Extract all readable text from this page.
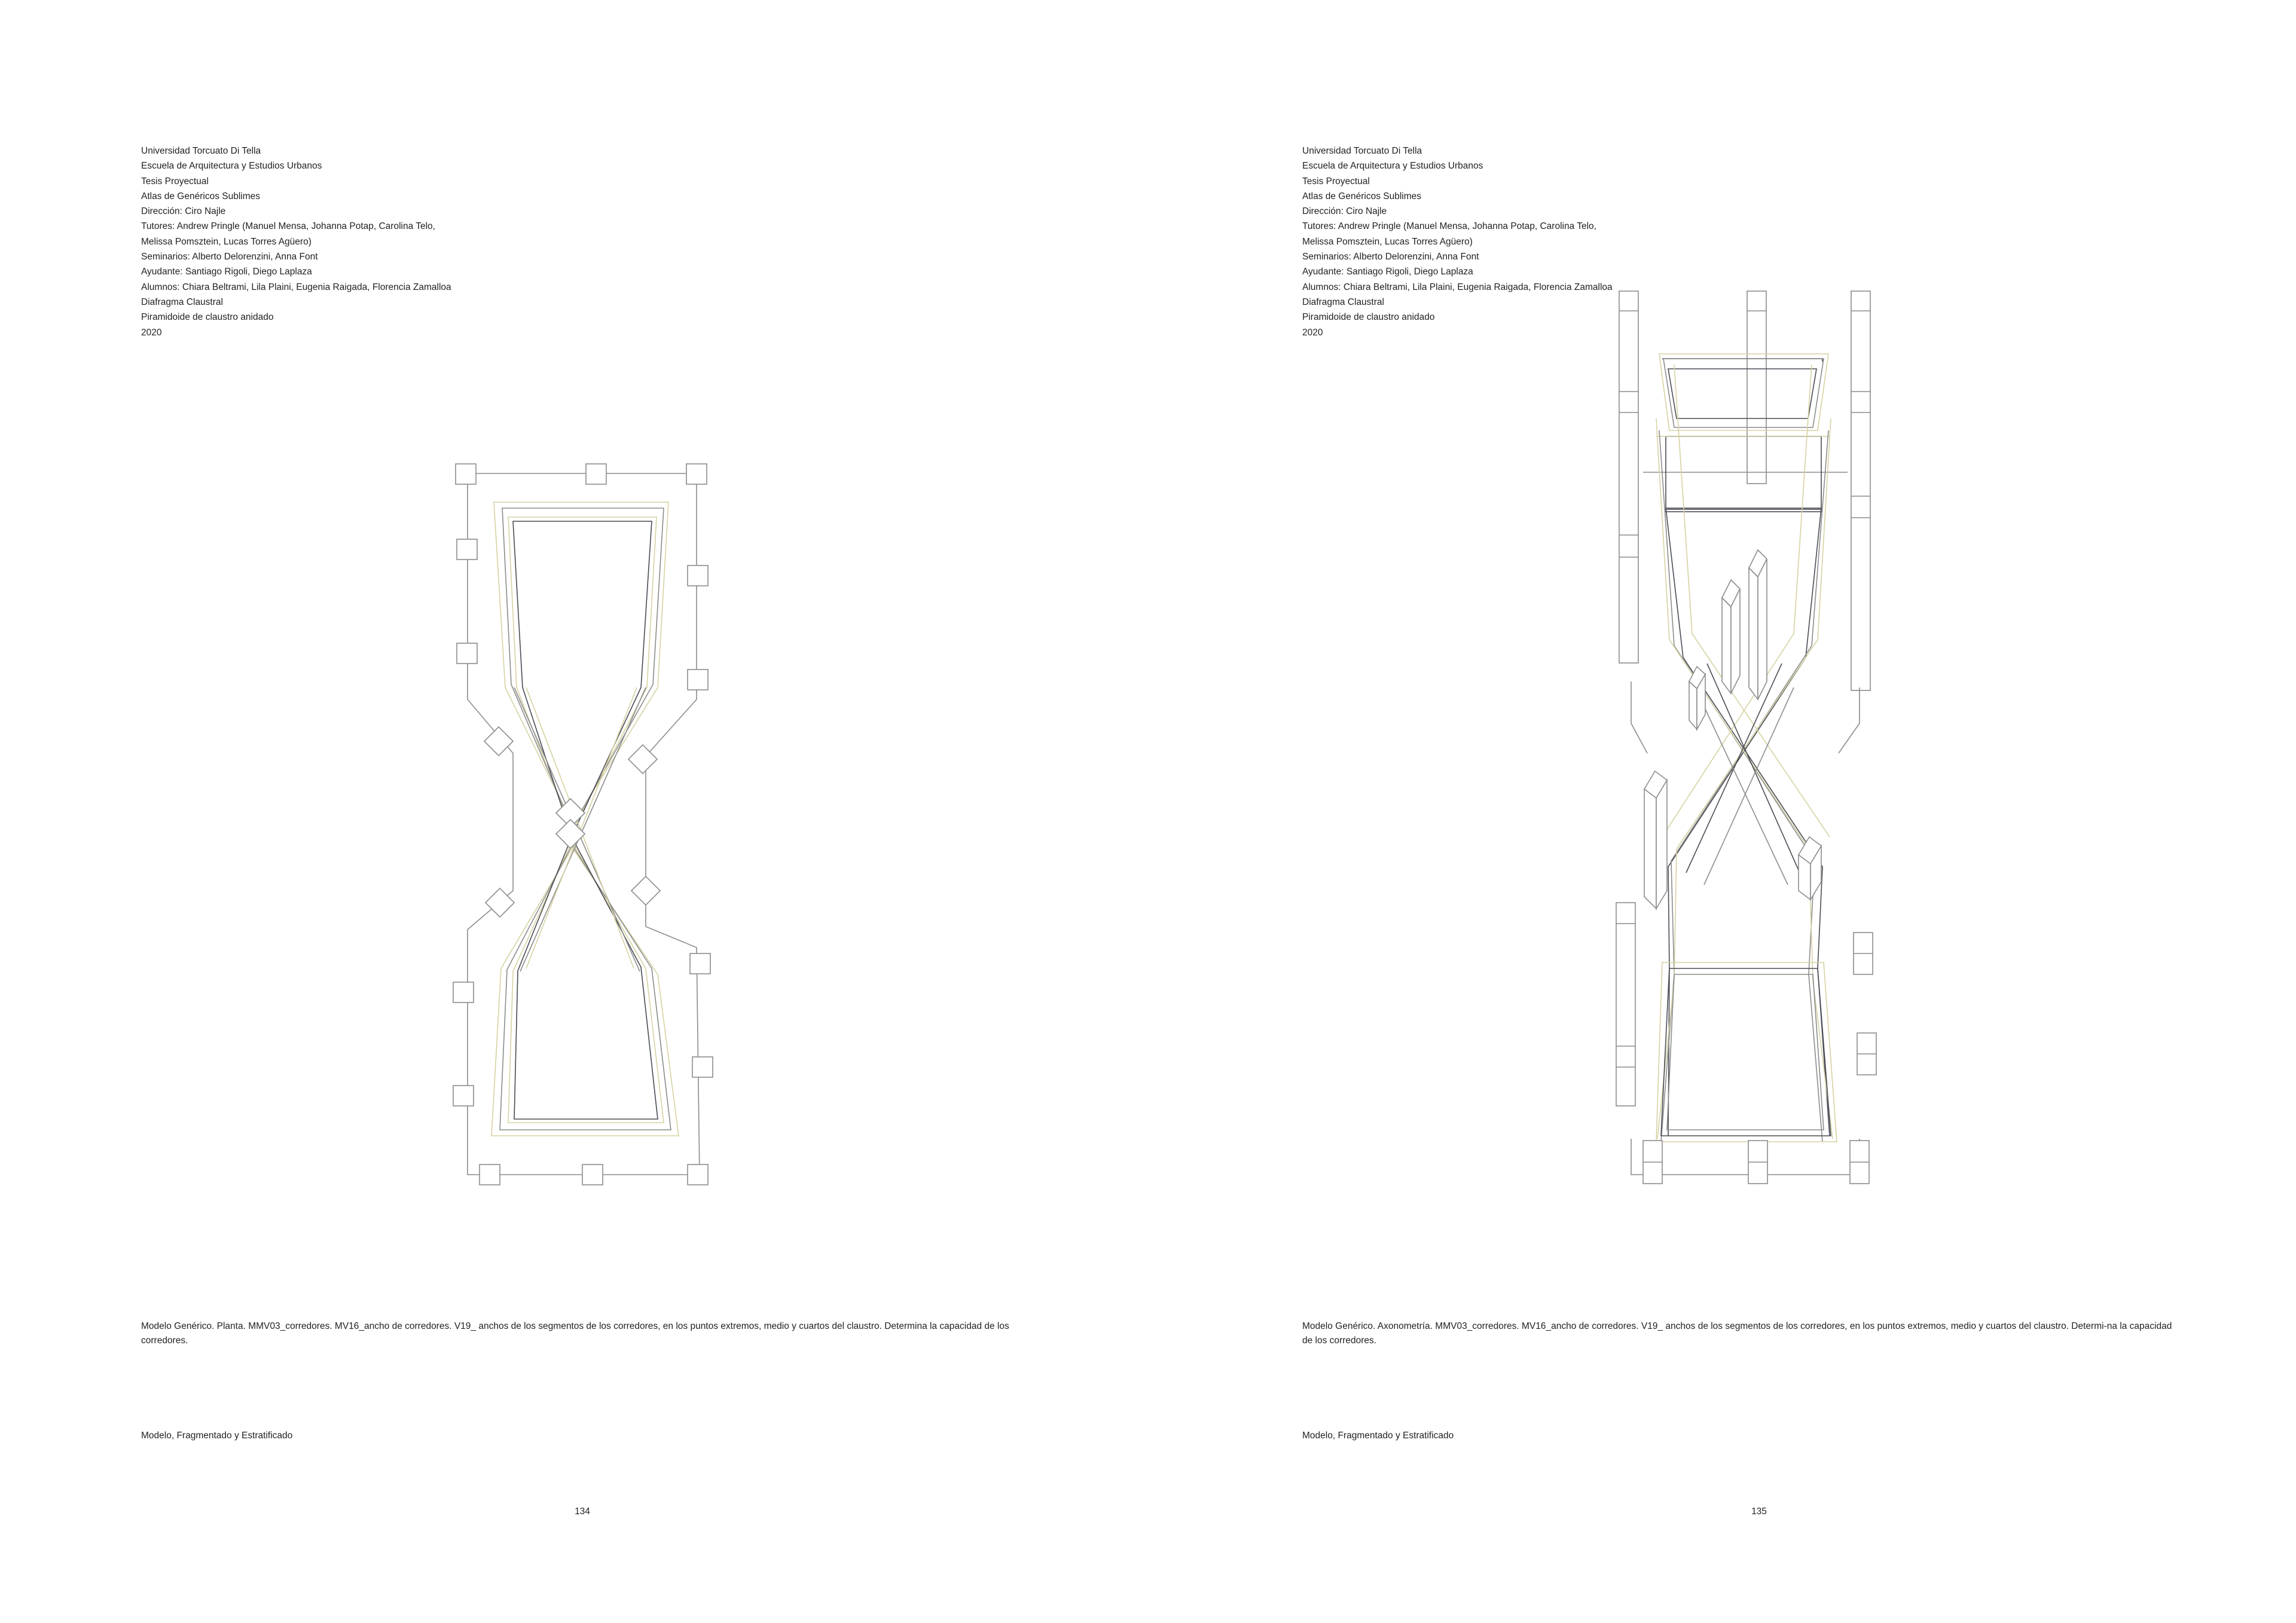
Universidad Torcuato Di Tella
Escuela de Arquitectura y Estudios Urbanos
Tesis Proyectual
Atlas de Genéricos Sublimes
Dirección: Ciro Najle
Tutores: Andrew Pringle (Manuel Mensa, Johanna Potap, Carolina Telo,
Melissa Pomsztein, Lucas Torres Agüero)
Seminarios: Alberto Delorenzini, Anna Font
Ayudante: Santiago Rigoli, Diego Laplaza
Alumnos: Chiara Beltrami, Lila Plaini, Eugenia Raigada, Florencia Zamalloa
Diafragma Claustral
Piramidoide de claustro anidado
2020

Modelo Genérico. Planta. MMV03_corredores. MV16_ancho de corredores. V19_ anchos de los segmentos de los corredores, en los puntos extremos, medio y cuartos del claustro. Determina la capacidad de los corredores.

Modelo, Fragmentado y Estratificado

134

Universidad Torcuato Di Tella
Escuela de Arquitectura y Estudios Urbanos
Tesis Proyectual
Atlas de Genéricos Sublimes
Dirección: Ciro Najle
Tutores: Andrew Pringle (Manuel Mensa, Johanna Potap, Carolina Telo,
Melissa Pomsztein, Lucas Torres Agüero)
Seminarios: Alberto Delorenzini, Anna Font
Ayudante: Santiago Rigoli, Diego Laplaza
Alumnos: Chiara Beltrami, Lila Plaini, Eugenia Raigada, Florencia Zamalloa
Diafragma Claustral
Piramidoide de claustro anidado
2020

Modelo Genérico. Axonometría. MMV03_corredores. MV16_ancho de corredores. V19_ anchos de los segmentos de los corredores, en los puntos extremos, medio y cuartos del claustro. Determi-na la capacidad de los corredores.

Modelo, Fragmentado y Estratificado

135
